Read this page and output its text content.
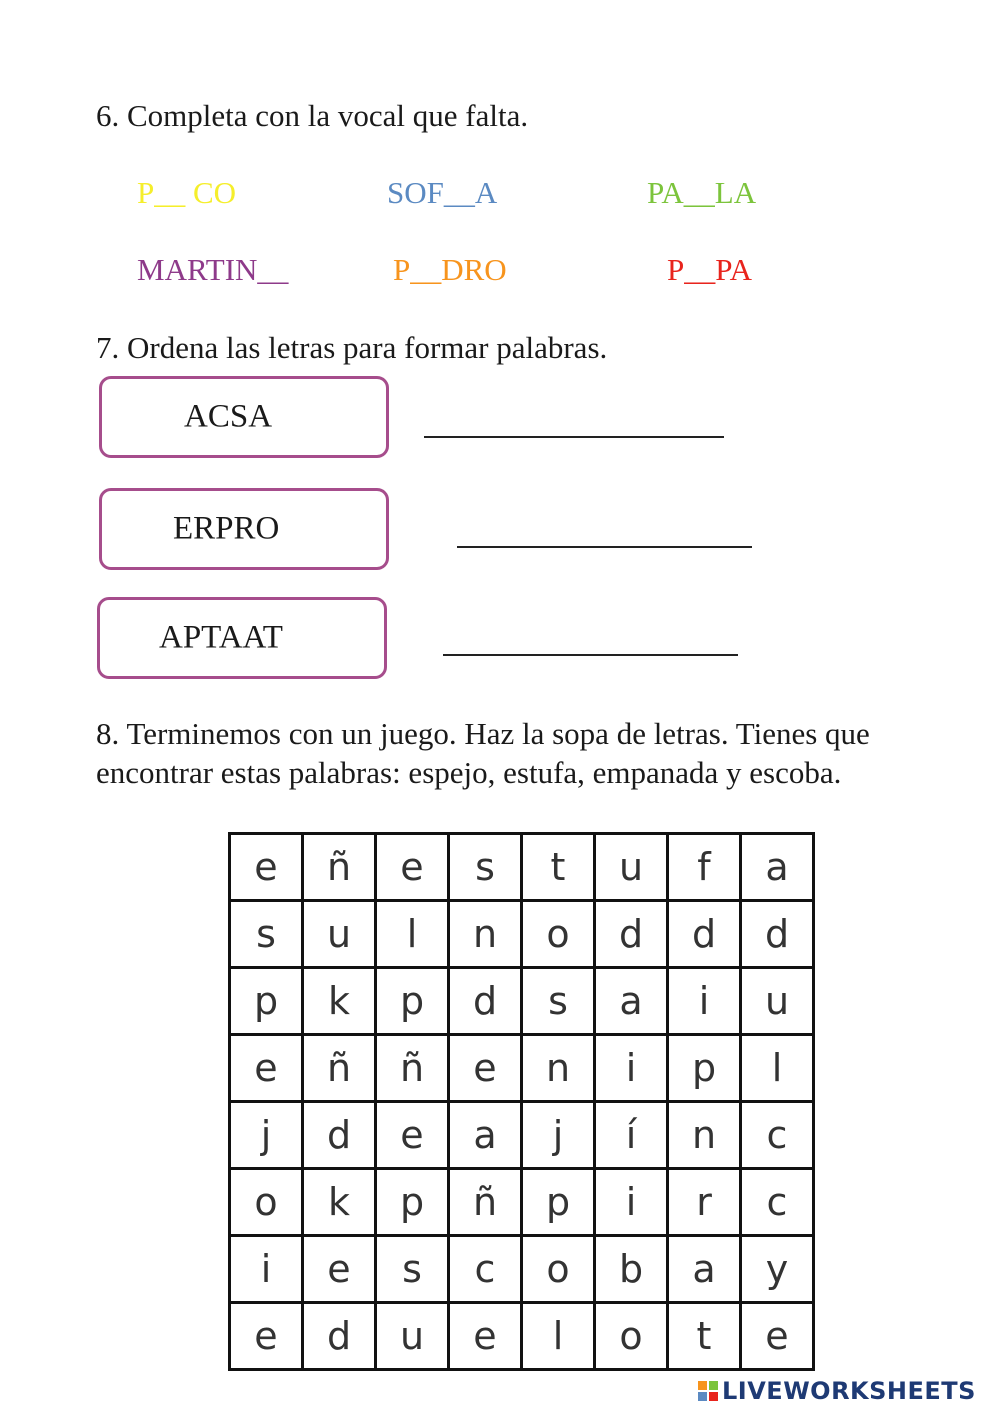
6. Completa con la vocal que falta.

P__ CO	SOF__A	PA__LA
MARTIN__	P__DRO	P__PA

7. Ordena las letras para formar palabras.

ACSA
ERPRO
APTAAT

8. Terminemos con un juego. Haz la sopa de letras. Tienes que encontrar estas palabras: espejo, estufa, empanada y escoba.

e	ñ	e	s	t	u	f	a
s	u	l	n	o	d	d	d
p	k	p	d	s	a	i	u
e	ñ	ñ	e	n	i	p	l
j	d	e	a	j	í	n	c
o	k	p	ñ	p	i	r	c
i	e	s	c	o	b	a	y
e	d	u	e	l	o	t	e
LIVEWORKSHEETS
